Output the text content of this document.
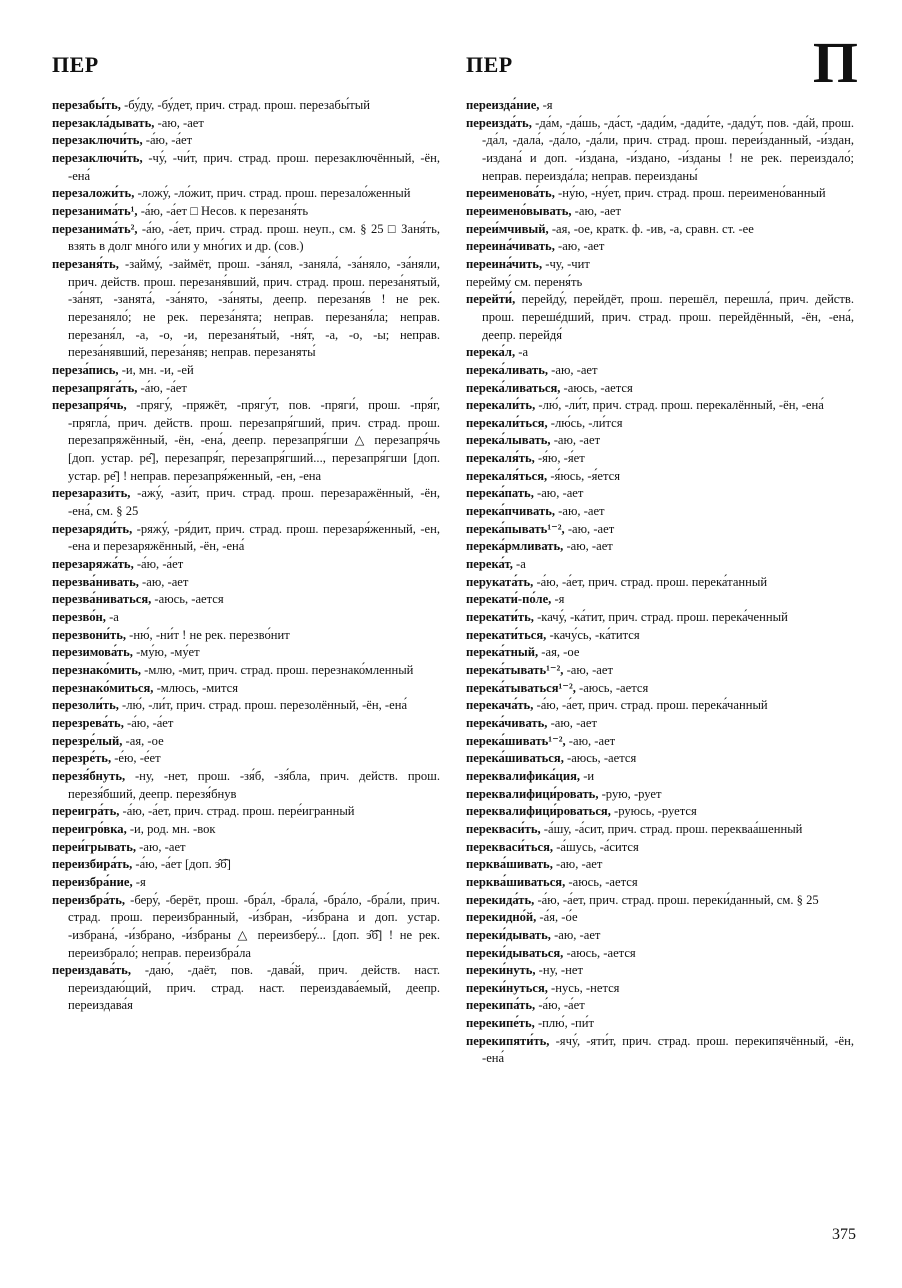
ПЕР	ПЕР	П

перезабы́ть, -бу́ду, -бу́дет, прич. страд. прош. перезабы́тый

перезакла́дывать, -аю, -ает

перезаключи́ть, -а́ю, -а́ет

перезаключи́ть, -чу́, -чи́т, прич. страд. прош. перезаключённый, -ён, -ена́

перезаложи́ть, -ложу́, -ло́жит, прич. страд. прош. перезало́женный

перезанима́ть¹, -а́ю, -а́ет □ Несов. к перезаня́ть

перезанима́ть², -а́ю, -а́ет, прич. страд. прош. неуп., см. § 25 □ Заня́ть, взять в долг мно́го или у мно́гих и др. (сов.)

перезаня́ть, -займу́, -займёт, прош. -за́нял, -заняла́, -за́няло, -за́няли, прич. действ. прош. перезаня́вший, прич. страд. прош. переза́нятый, -за́нят, -занята́, -за́нято, -за́няты, деепр. перезаня́в ! не рек. перезаняло́; не рек. переза́нята; неправ. перезаня́ла; неправ. перезаня́л, -а, -о, -и, перезаня́тый, -ня́т, -а, -о, -ы; неправ. переза́нявший, переза́няв; неправ. перезаняты́

переза́пись, -и, мн. -и, -ей

перезапряга́ть, -а́ю, -а́ет

перезапря́чь, -прягу́, -пряжёт, -прягу́т, пов. -пряги́, прош. -пря́г, -прягла́, прич. действ. прош. перезапря́гший, прич. страд. прош. перезапряжённый, -ён, -ена́, деепр. перезапря́гши △ перезапря́чь [доп. устар. ре̂], перезапря́г, перезапря́гший..., перезапря́гши [доп. устар. ре̂] ! неправ. перезапря́женный, -ен, -ена

перезарази́ть, -ажу́, -ази́т, прич. страд. прош. перезаражённый, -ён, -ена́, см. § 25

перезаряди́ть, -ряжу́, -ря́дит, прич. страд. прош. перезаря́женный, -ен, -ена и перезаряжённый, -ён, -ена́

перезаряжа́ть, -а́ю, -а́ет

перезва́нивать, -аю, -ает

перезва́ниваться, -аюсь, -ается

перезво́н, -а

перезвони́ть, -ню́, -ни́т ! не рек. перезво́нит

перезимова́ть, -му́ю, -му́ет

перезнако́мить, -млю, -мит, прич. страд. прош. перезнако́мленный

перезнако́миться, -млюсь, -мится

перезоли́ть, -лю́, -ли́т, прич. страд. прош. перезолённый, -ён, -ена́

перезрева́ть, -а́ю, -а́ет

перезре́лый, -ая, -ое

перезре́ть, -е́ю, -е́ет

перезя́бнуть, -ну, -нет, прош. -зя́б, -зя́бла, прич. действ. прош. перезя́бший, деепр. перезя́бнув

переигра́ть, -а́ю, -а́ет, прич. страд. прош. пере́игранный

переигро́вка, -и, род. мн. -вок

переи́грывать, -аю, -ает

переизбира́ть, -а́ю, -а́ет [доп. э̂б̂]

переизбра́ние, -я

переизбра́ть, -беру́, -берёт, прош. -бра́л, -брала́, -бра́ло, -бра́ли, прич. страд. прош. переизбранный, -и́збран, -и́збрана и доп. устар. -избрана́, -и́збрано, -и́збраны △ переизберу́... [доп. э̂б̂] ! не рек. переизбрало́; неправ. переизбра́ла

переиздава́ть, -даю́, -даёт, пов. -дава́й, прич. действ. наст. переиздаю́щий, прич. страд. наст. переиздава́емый, деепр. переиздава́я

переизда́ние, -я

переизда́ть, -да́м, -да́шь, -да́ст, -дади́м, -дади́те, -даду́т, пов. -да́й, прош. -да́л, -дала́, -да́ло, -да́ли, прич. страд. прош. переи́зданный, -и́здан, -издана́ и доп. -и́здана, -и́здано, -и́зданы ! не рек. переиздало́; неправ. переизда́ла; неправ. переизданы́

переименова́ть, -ну́ю, -ну́ет, прич. страд. прош. переимено́ванный

переимено́вывать, -аю, -ает

переи́мчивый, -ая, -ое, кратк. ф. -ив, -а, сравн. ст. -ее

переина́чивать, -аю, -ает

переина́чить, -чу, -чит

перейму́ см. переня́ть

перейти́, перейду́, перейдёт, прош. перешёл, перешла́, прич. действ. прош. перешéдший, прич. страд. прош. перейдённый, -ён, -ена́, деепр. перейдя́

перека́л, -а

перека́ливать, -аю, -ает

перека́ливаться, -аюсь, -ается

перекали́ть, -лю́, -ли́т, прич. страд. прош. перекалённый, -ён, -ена́

перекали́ться, -лю́сь, -ли́тся

перека́лывать, -аю, -ает

перекаля́ть, -я́ю, -я́ет

перекаля́ться, -я́юсь, -я́ется

перека́пать, -аю, -ает

перека́пчивать, -аю, -ает

перека́пывать¹⁻², -аю, -ает

перека́рмливать, -аю, -ает

перека́т, -а

перуката́ть, -а́ю, -а́ет, прич. страд. прош. перека́танный

перекати́-по́ле, -я

перекати́ть, -качу́, -ка́тит, прич. страд. прош. перека́ченный

перекати́ться, -качу́сь, -ка́тится

перека́тный, -ая, -ое

перека́тывать¹⁻², -аю, -ает

перека́тываться¹⁻², -аюсь, -ается

перекача́ть, -а́ю, -а́ет, прич. страд. прош. перека́чанный

перека́чивать, -аю, -ает

перека́шивать¹⁻², -аю, -ает

перека́шиваться, -аюсь, -ается

переквалифика́ция, -и

переквалифици́ровать, -рую, -рует

переквалифици́роваться, -руюсь, -руется

перекваси́ть, -а́шу, -а́сит, прич. страд. прош. перекваа́шенный

перекваси́ться, -а́шусь, -а́сится

перква́шивать, -аю, -ает

перква́шиваться, -аюсь, -ается

перекида́ть, -а́ю, -а́ет, прич. страд. прош. переки́данный, см. § 25

перекидно́й, -а́я, -о́е

переки́дывать, -аю, -ает

переки́дываться, -аюсь, -ается

переки́нуть, -ну, -нет

переки́нуться, -нусь, -нется

перекипа́ть, -а́ю, -а́ет

перекипе́ть, -плю́, -пи́т

перекипяти́ть, -ячу́, -яти́т, прич. страд. прош. перекипячённый, -ён, -ена́

375
